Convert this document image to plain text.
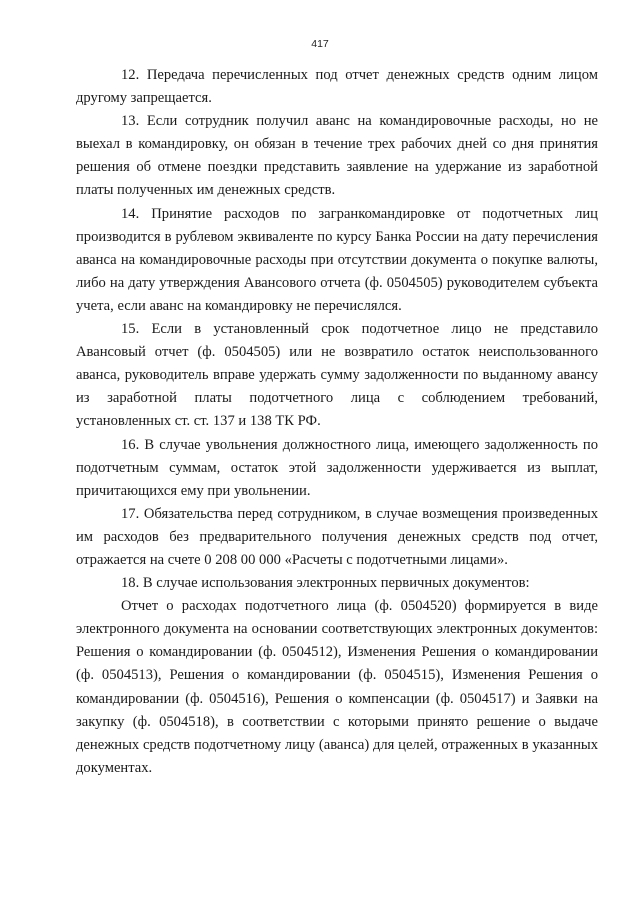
417

12. Передача перечисленных под отчет денежных средств одним лицом другому запрещается.

13. Если сотрудник получил аванс на командировочные расходы, но не выехал в командировку, он обязан в течение трех рабочих дней со дня принятия решения об отмене поездки представить заявление на удержание из заработной платы полученных им денежных средств.

14. Принятие расходов по загранкомандировке от подотчетных лиц производится в рублевом эквиваленте по курсу Банка России на дату перечисления аванса на командировочные расходы при отсутствии документа о покупке валюты, либо на дату утверждения Авансового отчета (ф. 0504505) руководителем субъекта учета, если аванс на командировку не перечислялся.

15. Если в установленный срок подотчетное лицо не представило Авансовый отчет (ф. 0504505) или не возвратило остаток неиспользованного аванса, руководитель вправе удержать сумму задолженности по выданному авансу из заработной платы подотчетного лица с соблюдением требований, установленных ст. ст. 137 и 138 ТК РФ.

16. В случае увольнения должностного лица, имеющего задолженность по подотчетным суммам, остаток этой задолженности удерживается из выплат, причитающихся ему при увольнении.

17. Обязательства перед сотрудником, в случае возмещения произведенных им расходов без предварительного получения денежных средств под отчет, отражается на счете 0 208 00 000 «Расчеты с подотчетными лицами».

18. В случае использования электронных первичных документов:

Отчет о расходах подотчетного лица (ф. 0504520) формируется в виде электронного документа на основании соответствующих электронных документов: Решения о командировании (ф. 0504512), Изменения Решения о командировании (ф. 0504513), Решения о командировании (ф. 0504515), Изменения Решения о командировании (ф. 0504516), Решения о компенсации (ф. 0504517) и Заявки на закупку (ф. 0504518), в соответствии с которыми принято решение о выдаче денежных средств подотчетному лицу (аванса) для целей, отраженных в указанных документах.
